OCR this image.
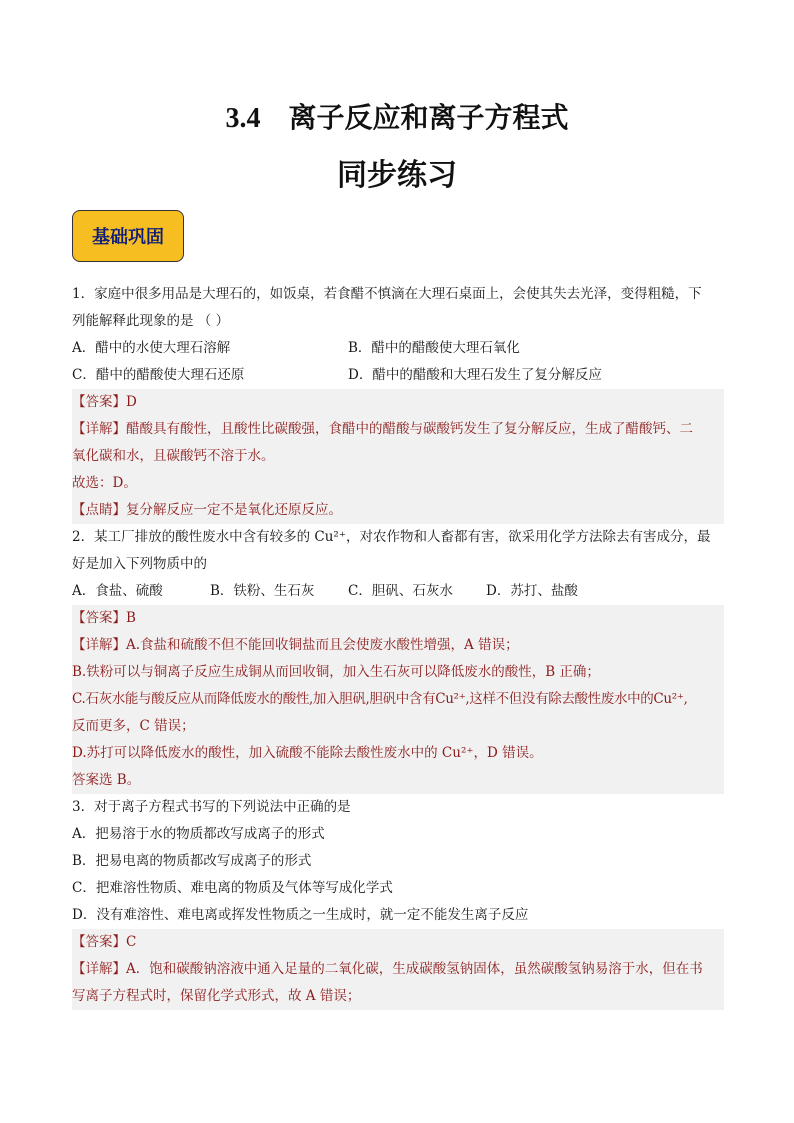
3.4 离子反应和离子方程式
同步练习
基础巩固
1．家庭中很多用品是大理石的，如饭桌，若食醋不慎滴在大理石桌面上，会使其失去光泽，变得粗糙，下
列能解释此现象的是 （ ）
A．醋中的水使大理石溶解	B．醋中的醋酸使大理石氧化
C．醋中的醋酸使大理石还原	D．醋中的醋酸和大理石发生了复分解反应
【答案】D
【详解】醋酸具有酸性，且酸性比碳酸强，食醋中的醋酸与碳酸钙发生了复分解反应，生成了醋酸钙、二
氧化碳和水，且碳酸钙不溶于水。
故选：D。
【点睛】复分解反应一定不是氧化还原反应。
2．某工厂排放的酸性废水中含有较多的 Cu²⁺，对农作物和人畜都有害，欲采用化学方法除去有害成分，最
好是加入下列物质中的
A．食盐、硫酸	B．铁粉、生石灰	C．胆矾、石灰水	D．苏打、盐酸
【答案】B
【详解】A.食盐和硫酸不但不能回收铜盐而且会使废水酸性增强，A 错误；
B.铁粉可以与铜离子反应生成铜从而回收铜，加入生石灰可以降低废水的酸性，B 正确；
C.石灰水能与酸反应从而降低废水的酸性,加入胆矾,胆矾中含有Cu²⁺,这样不但没有除去酸性废水中的Cu²⁺,
反而更多，C 错误；
D.苏打可以降低废水的酸性，加入硫酸不能除去酸性废水中的 Cu²⁺，D 错误。
答案选 B。
3．对于离子方程式书写的下列说法中正确的是
A．把易溶于水的物质都改写成离子的形式
B．把易电离的物质都改写成离子的形式
C．把难溶性物质、难电离的物质及气体等写成化学式
D．没有难溶性、难电离或挥发性物质之一生成时，就一定不能发生离子反应
【答案】C
【详解】A．饱和碳酸钠溶液中通入足量的二氧化碳，生成碳酸氢钠固体，虽然碳酸氢钠易溶于水，但在书
写离子方程式时，保留化学式形式，故 A 错误；
